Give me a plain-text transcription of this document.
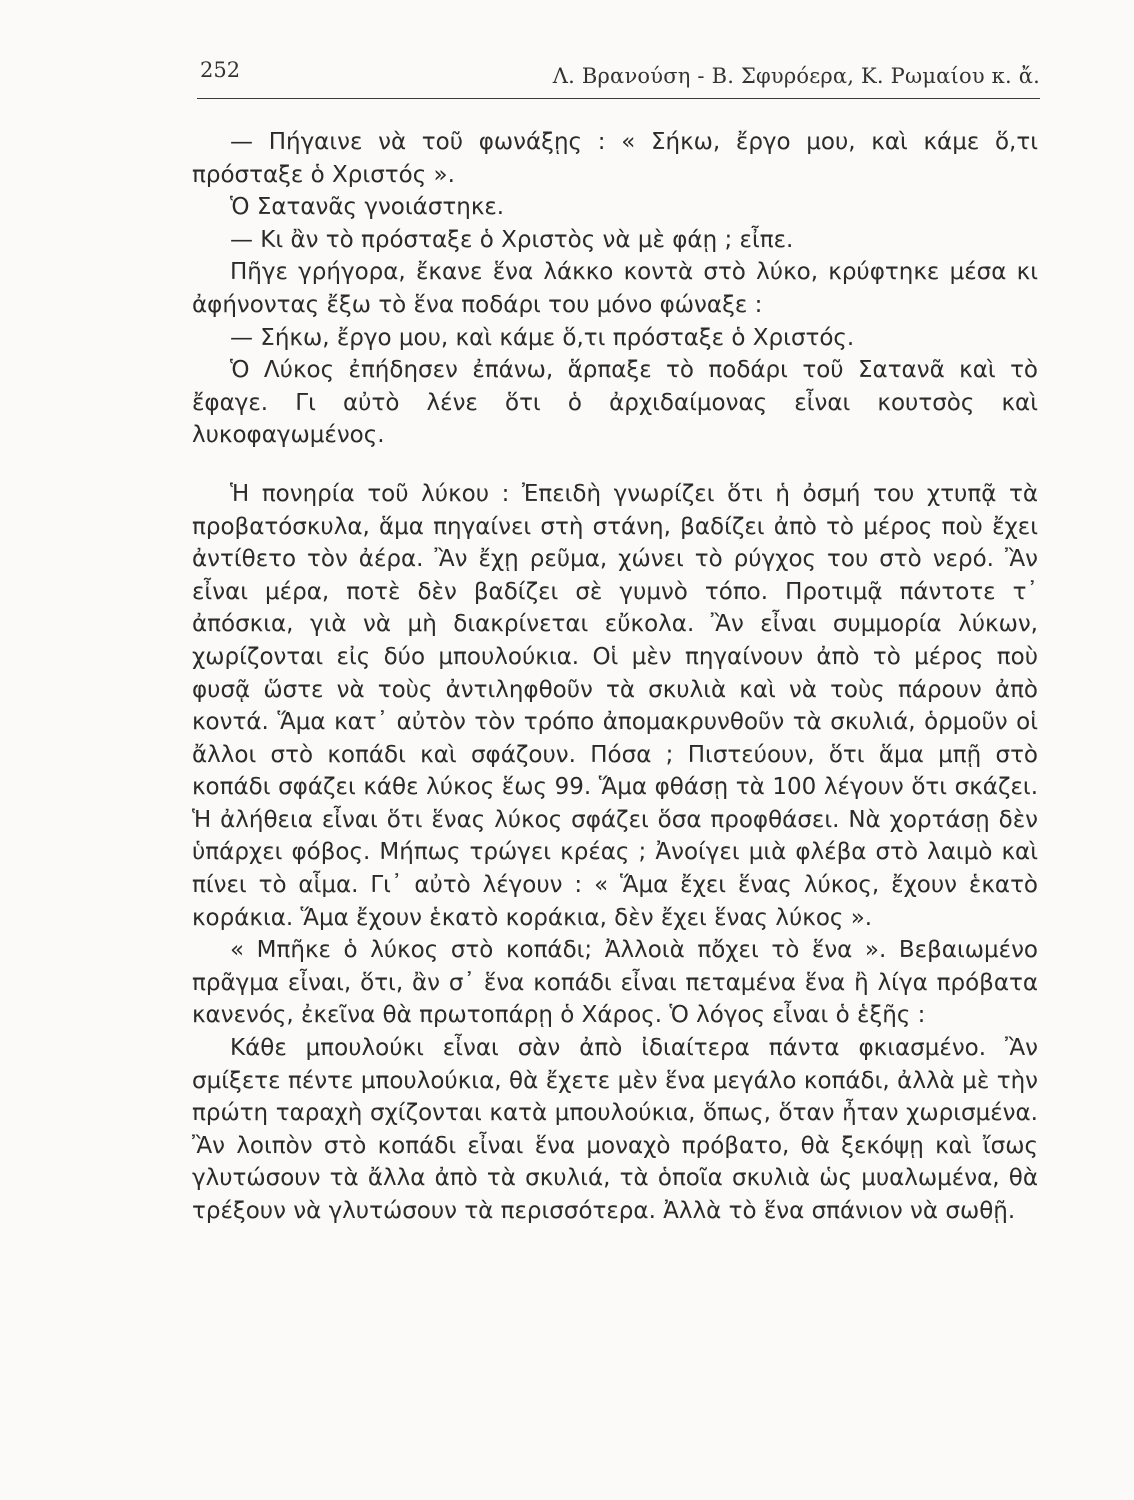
252	Λ. Βρανούση - Β. Σφυρόερα, Κ. Ρωμαίου κ. ἄ.

— Πήγαινε νὰ τοῦ φωνάξῃς : « Σήκω, ἔργο μου, καὶ κάμε ὅ,τι πρόσταξε ὁ Χριστός ».

Ὁ Σατανᾶς γνοιάστηκε.

— Κι ἂν τὸ πρόσταξε ὁ Χριστὸς νὰ μὲ φάῃ ; εἶπε.

Πῆγε γρήγορα, ἔκανε ἕνα λάκκο κοντὰ στὸ λύκο, κρύφτηκε μέσα κι ἀφήνοντας ἔξω τὸ ἕνα ποδάρι του μόνο φώναξε :

— Σήκω, ἔργο μου, καὶ κάμε ὅ,τι πρόσταξε ὁ Χριστός.

Ὁ Λύκος ἐπήδησεν ἐπάνω, ἅρπαξε τὸ ποδάρι τοῦ Σατανᾶ καὶ τὸ ἔφαγε. Γι αὐτὸ λένε ὅτι ὁ ἀρχιδαίμονας εἶναι κουτσὸς καὶ λυκοφαγωμένος.

Ἡ πονηρία τοῦ λύκου : Ἐπειδὴ γνωρίζει ὅτι ἡ ὀσμή του χτυπᾷ τὰ προβατόσκυλα, ἅμα πηγαίνει στὴ στάνη, βαδίζει ἀπὸ τὸ μέρος ποὺ ἔχει ἀντίθετο τὸν ἀέρα. Ἂν ἔχῃ ρεῦμα, χώνει τὸ ρύγχος του στὸ νερό. Ἂν εἶναι μέρα, ποτὲ δὲν βαδίζει σὲ γυμνὸ τόπο. Προτιμᾷ πάντοτε τ᾿ ἀπόσκια, γιὰ νὰ μὴ διακρίνεται εὔκολα. Ἂν εἶναι συμμορία λύκων, χωρίζονται εἰς δύο μπουλούκια. Οἱ μὲν πηγαίνουν ἀπὸ τὸ μέρος ποὺ φυσᾷ ὥστε νὰ τοὺς ἀντιληφθοῦν τὰ σκυλιὰ καὶ νὰ τοὺς πάρουν ἀπὸ κοντά. Ἅμα κατ᾿ αὐτὸν τὸν τρόπο ἀπομακρυνθοῦν τὰ σκυλιά, ὁρμοῦν οἱ ἄλλοι στὸ κοπάδι καὶ σφάζουν. Πόσα ; Πιστεύουν, ὅτι ἅμα μπῇ στὸ κοπάδι σφάζει κάθε λύκος ἕως 99. Ἅμα φθάσῃ τὰ 100 λέγουν ὅτι σκάζει. Ἡ ἀλήθεια εἶναι ὅτι ἕνας λύκος σφάζει ὅσα προφθάσει. Νὰ χορτάσῃ δὲν ὑπάρχει φόβος. Μήπως τρώγει κρέας ; Ἀνοίγει μιὰ φλέβα στὸ λαιμὸ καὶ πίνει τὸ αἷμα. Γι᾿ αὐτὸ λέγουν : « Ἅμα ἔχει ἕνας λύκος, ἔχουν ἑκατὸ κοράκια. Ἅμα ἔχουν ἑκατὸ κοράκια, δὲν ἔχει ἕνας λύκος ».

« Μπῆκε ὁ λύκος στὸ κοπάδι; Ἀλλοιὰ πὄχει τὸ ἕνα ». Βεβαιωμένο πρᾶγμα εἶναι, ὅτι, ἂν σ᾿ ἕνα κοπάδι εἶναι πεταμένα ἕνα ἢ λίγα πρόβατα κανενός, ἐκεῖνα θὰ πρωτοπάρῃ ὁ Χάρος. Ὁ λόγος εἶναι ὁ ἑξῆς :

Κάθε μπουλούκι εἶναι σὰν ἀπὸ ἰδιαίτερα πάντα φκιασμένο. Ἂν σμίξετε πέντε μπουλούκια, θὰ ἔχετε μὲν ἕνα μεγάλο κοπάδι, ἀλλὰ μὲ τὴν πρώτη ταραχὴ σχίζονται κατὰ μπουλούκια, ὅπως, ὅταν ἦταν χωρισμένα. Ἂν λοιπὸν στὸ κοπάδι εἶναι ἕνα μοναχὸ πρόβατο, θὰ ξεκόψῃ καὶ ἴσως γλυτώσουν τὰ ἄλλα ἀπὸ τὰ σκυλιά, τὰ ὁποῖα σκυλιὰ ὡς μυαλωμένα, θὰ τρέξουν νὰ γλυτώσουν τὰ περισσότερα. Ἀλλὰ τὸ ἕνα σπάνιον νὰ σωθῇ.
